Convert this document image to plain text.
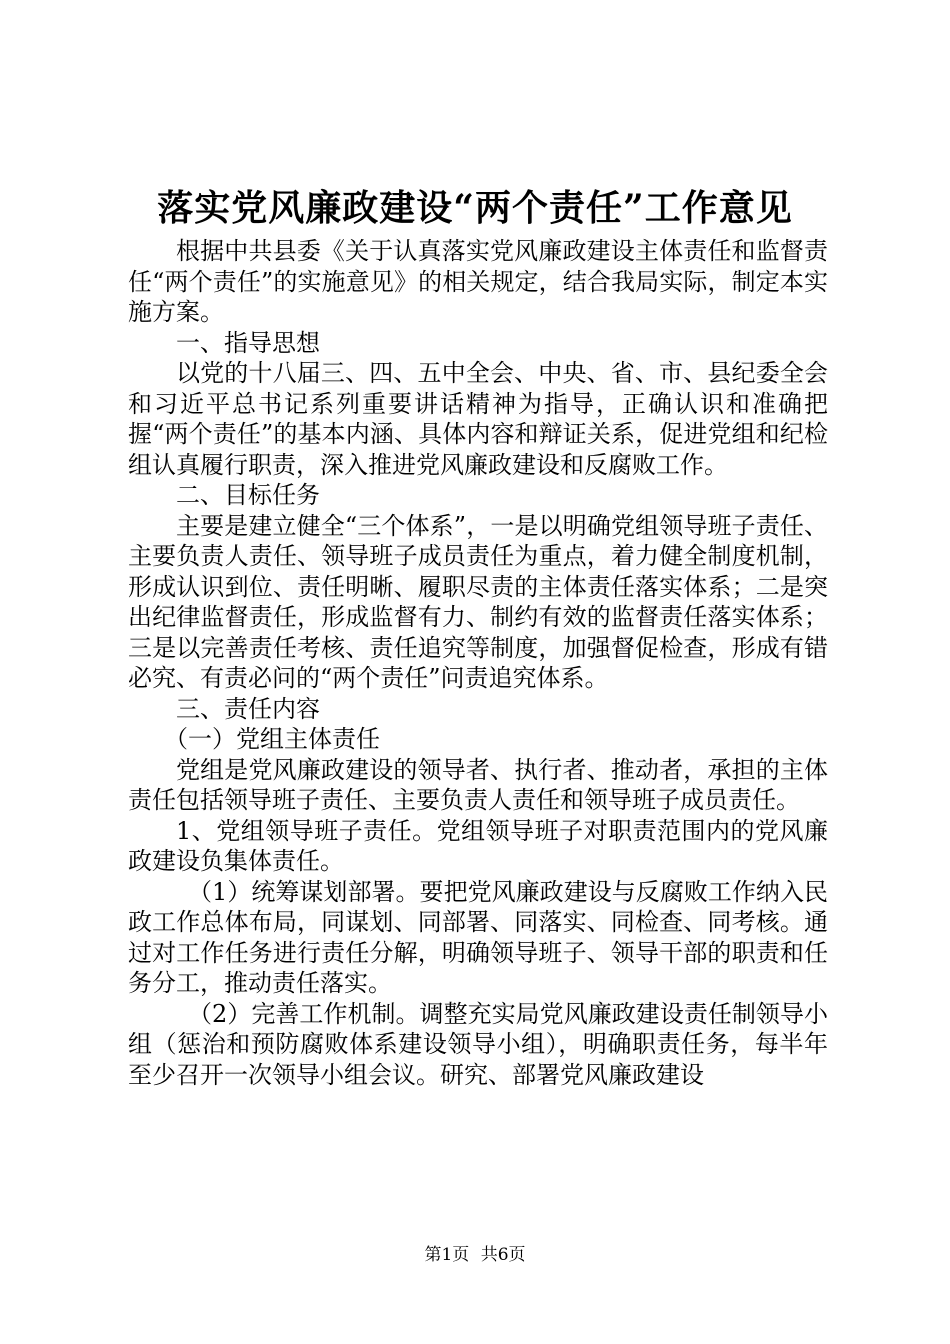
落实党风廉政建设“两个责任”工作意见

根据中共县委《关于认真落实党风廉政建设主体责任和监督责任“两个责任”的实施意见》的相关规定，结合我局实际，制定本实施方案。

一、指导思想

以党的十八届三、四、五中全会、中央、省、市、县纪委全会和习近平总书记系列重要讲话精神为指导，正确认识和准确把握“两个责任”的基本内涵、具体内容和辩证关系，促进党组和纪检组认真履行职责，深入推进党风廉政建设和反腐败工作。

二、目标任务

主要是建立健全“三个体系”，一是以明确党组领导班子责任、主要负责人责任、领导班子成员责任为重点，着力健全制度机制，形成认识到位、责任明晰、履职尽责的主体责任落实体系；二是突出纪律监督责任，形成监督有力、制约有效的监督责任落实体系；三是以完善责任考核、责任追究等制度，加强督促检查，形成有错必究、有责必问的“两个责任”问责追究体系。

三、责任内容

（一）党组主体责任

党组是党风廉政建设的领导者、执行者、推动者，承担的主体责任包括领导班子责任、主要负责人责任和领导班子成员责任。

1、党组领导班子责任。党组领导班子对职责范围内的党风廉政建设负集体责任。

（1）统筹谋划部署。要把党风廉政建设与反腐败工作纳入民政工作总体布局，同谋划、同部署、同落实、同检查、同考核。通过对工作任务进行责任分解，明确领导班子、领导干部的职责和任务分工，推动责任落实。

（2）完善工作机制。调整充实局党风廉政建设责任制领导小组（惩治和预防腐败体系建设领导小组），明确职责任务，每半年至少召开一次领导小组会议。研究、部署党风廉政建设

第1页 共6页
